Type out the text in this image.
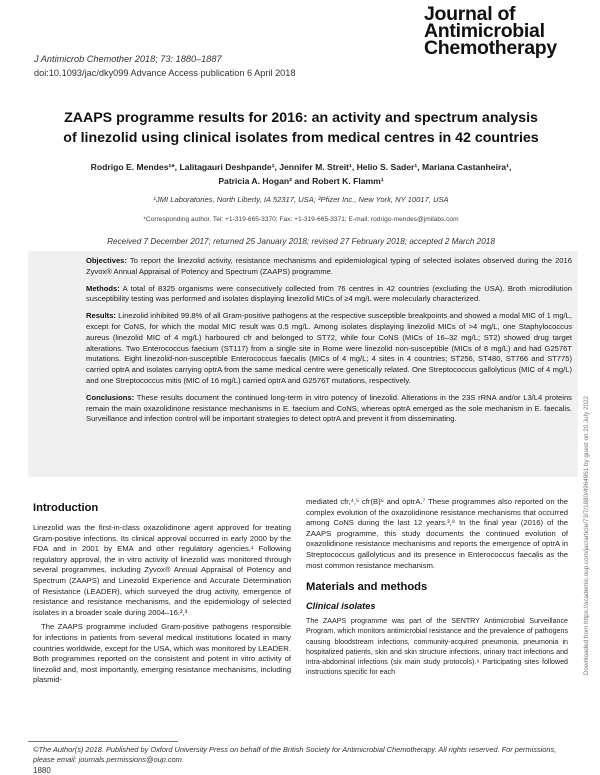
J Antimicrob Chemother 2018; 73: 1880–1887
doi:10.1093/jac/dky099 Advance Access publication 6 April 2018
Journal of
Antimicrobial
Chemotherapy
ZAAPS programme results for 2016: an activity and spectrum analysis
of linezolid using clinical isolates from medical centres in 42 countries
Rodrigo E. Mendes¹*, Lalitagauri Deshpande¹, Jennifer M. Streit¹, Helio S. Sader¹, Mariana Castanheira¹,
Patricia A. Hogan² and Robert K. Flamm¹
¹JMI Laboratories, North Liberty, IA 52317, USA; ²Pfizer Inc., New York, NY 10017, USA
*Corresponding author. Tel: +1-319-665-3370; Fax: +1-319-665-3371; E-mail: rodrigo-mendes@jmilabs.com
Received 7 December 2017; returned 25 January 2018; revised 27 February 2018; accepted 2 March 2018

Objectives: To report the linezolid activity, resistance mechanisms and epidemiological typing of selected isolates observed during the 2016 Zyvox® Annual Appraisal of Potency and Spectrum (ZAAPS) programme.

Methods: A total of 8325 organisms were consecutively collected from 76 centres in 42 countries (excluding the USA). Broth microdilution susceptibility testing was performed and isolates displaying linezolid MICs of ≥4 mg/L were molecularly characterized.

Results: Linezolid inhibited 99.8% of all Gram-positive pathogens at the respective susceptible breakpoints and showed a modal MIC of 1 mg/L, except for CoNS, for which the modal MIC result was 0.5 mg/L. Among isolates displaying linezolid MICs of >4 mg/L, one Staphylococcus aureus (linezolid MIC of 4 mg/L) harboured cfr and belonged to ST72, while four CoNS (MICs of 16–32 mg/L; ST2) showed drug target alterations. Two Enterococcus faecium (ST117) from a single site in Rome were linezolid non-susceptible (MICs of 8 mg/L) and had G2576T mutations. Eight linezolid-non-susceptible Enterococcus faecalis (MICs of 4 mg/L; 4 sites in 4 countries; ST256, ST480, ST766 and ST775) carried optrA and isolates carrying optrA from the same medical centre were genetically related. One Streptococcus gallolyticus (MIC of 4 mg/L) and one Streptococcus mitis (MIC of 16 mg/L) carried optrA and G2576T mutations, respectively.

Conclusions: These results document the continued long-term in vitro potency of linezolid. Alterations in the 23S rRNA and/or L3/L4 proteins remain the main oxazolidinone resistance mechanisms in E. faecium and CoNS, whereas optrA emerged as the sole mechanism in E. faecalis. Surveillance and infection control will be important strategies to detect optrA and prevent it from disseminating.	Downloaded from https://academic.oup.com/jac/article/73/7/1880/4964961 by guest on 20 July 2022
Introduction

Linezolid was the first-in-class oxazolidinone agent approved for treating Gram-positive infections. Its clinical approval occurred in early 2000 by the FDA and in 2001 by EMA and other regulatory agencies.¹ Following regulatory approval, the in vitro activity of linezolid was monitored through several programmes, including Zyvox® Annual Appraisal of Potency and Spectrum (ZAAPS) and Linezolid Experience and Accurate Determination of Resistance (LEADER), which surveyed the drug activity, emergence of resistance and resistance mechanisms, and the epidemiology of selected isolates in a broader scale during 2004–16.²,³

The ZAAPS programme included Gram-positive pathogens responsible for infections in patients from several medical institutions located in many countries worldwide, except for the USA, which was monitored by LEADER. Both programmes reported on the consistent and potent in vitro activity of linezolid and, most importantly, emerging resistance mechanisms, including plasmid-

mediated cfr,⁴,⁵ cfr(B)⁶ and optrA.⁷ These programmes also reported on the complex evolution of the oxazolidinone resistance mechanisms that occurred among CoNS during the last 12 years.³,⁸ In the final year (2016) of the ZAAPS programme, this study documents the continued evolution of oxazolidinone resistance mechanisms and reports the emergence of optrA in Streptococcus gallolyticus and its presence in Enterococcus faecalis as the most common resistance mechanism.

Materials and methods
Clinical isolates

The ZAAPS programme was part of the SENTRY Antimicrobial Surveillance Program, which monitors antimicrobial resistance and the prevalence of pathogens causing bloodstream infections, community-acquired pneumonia, pneumonia in hospitalized patients, skin and skin structure infections, urinary tract infections and intra-abdominal infections (six main study protocols).⁹ Participating sites followed instructions specific for each

©The Author(s) 2018. Published by Oxford University Press on behalf of the British Society for Antimicrobial Chemotherapy. All rights reserved. For permissions, please email: journals.permissions@oup.com.
1880
